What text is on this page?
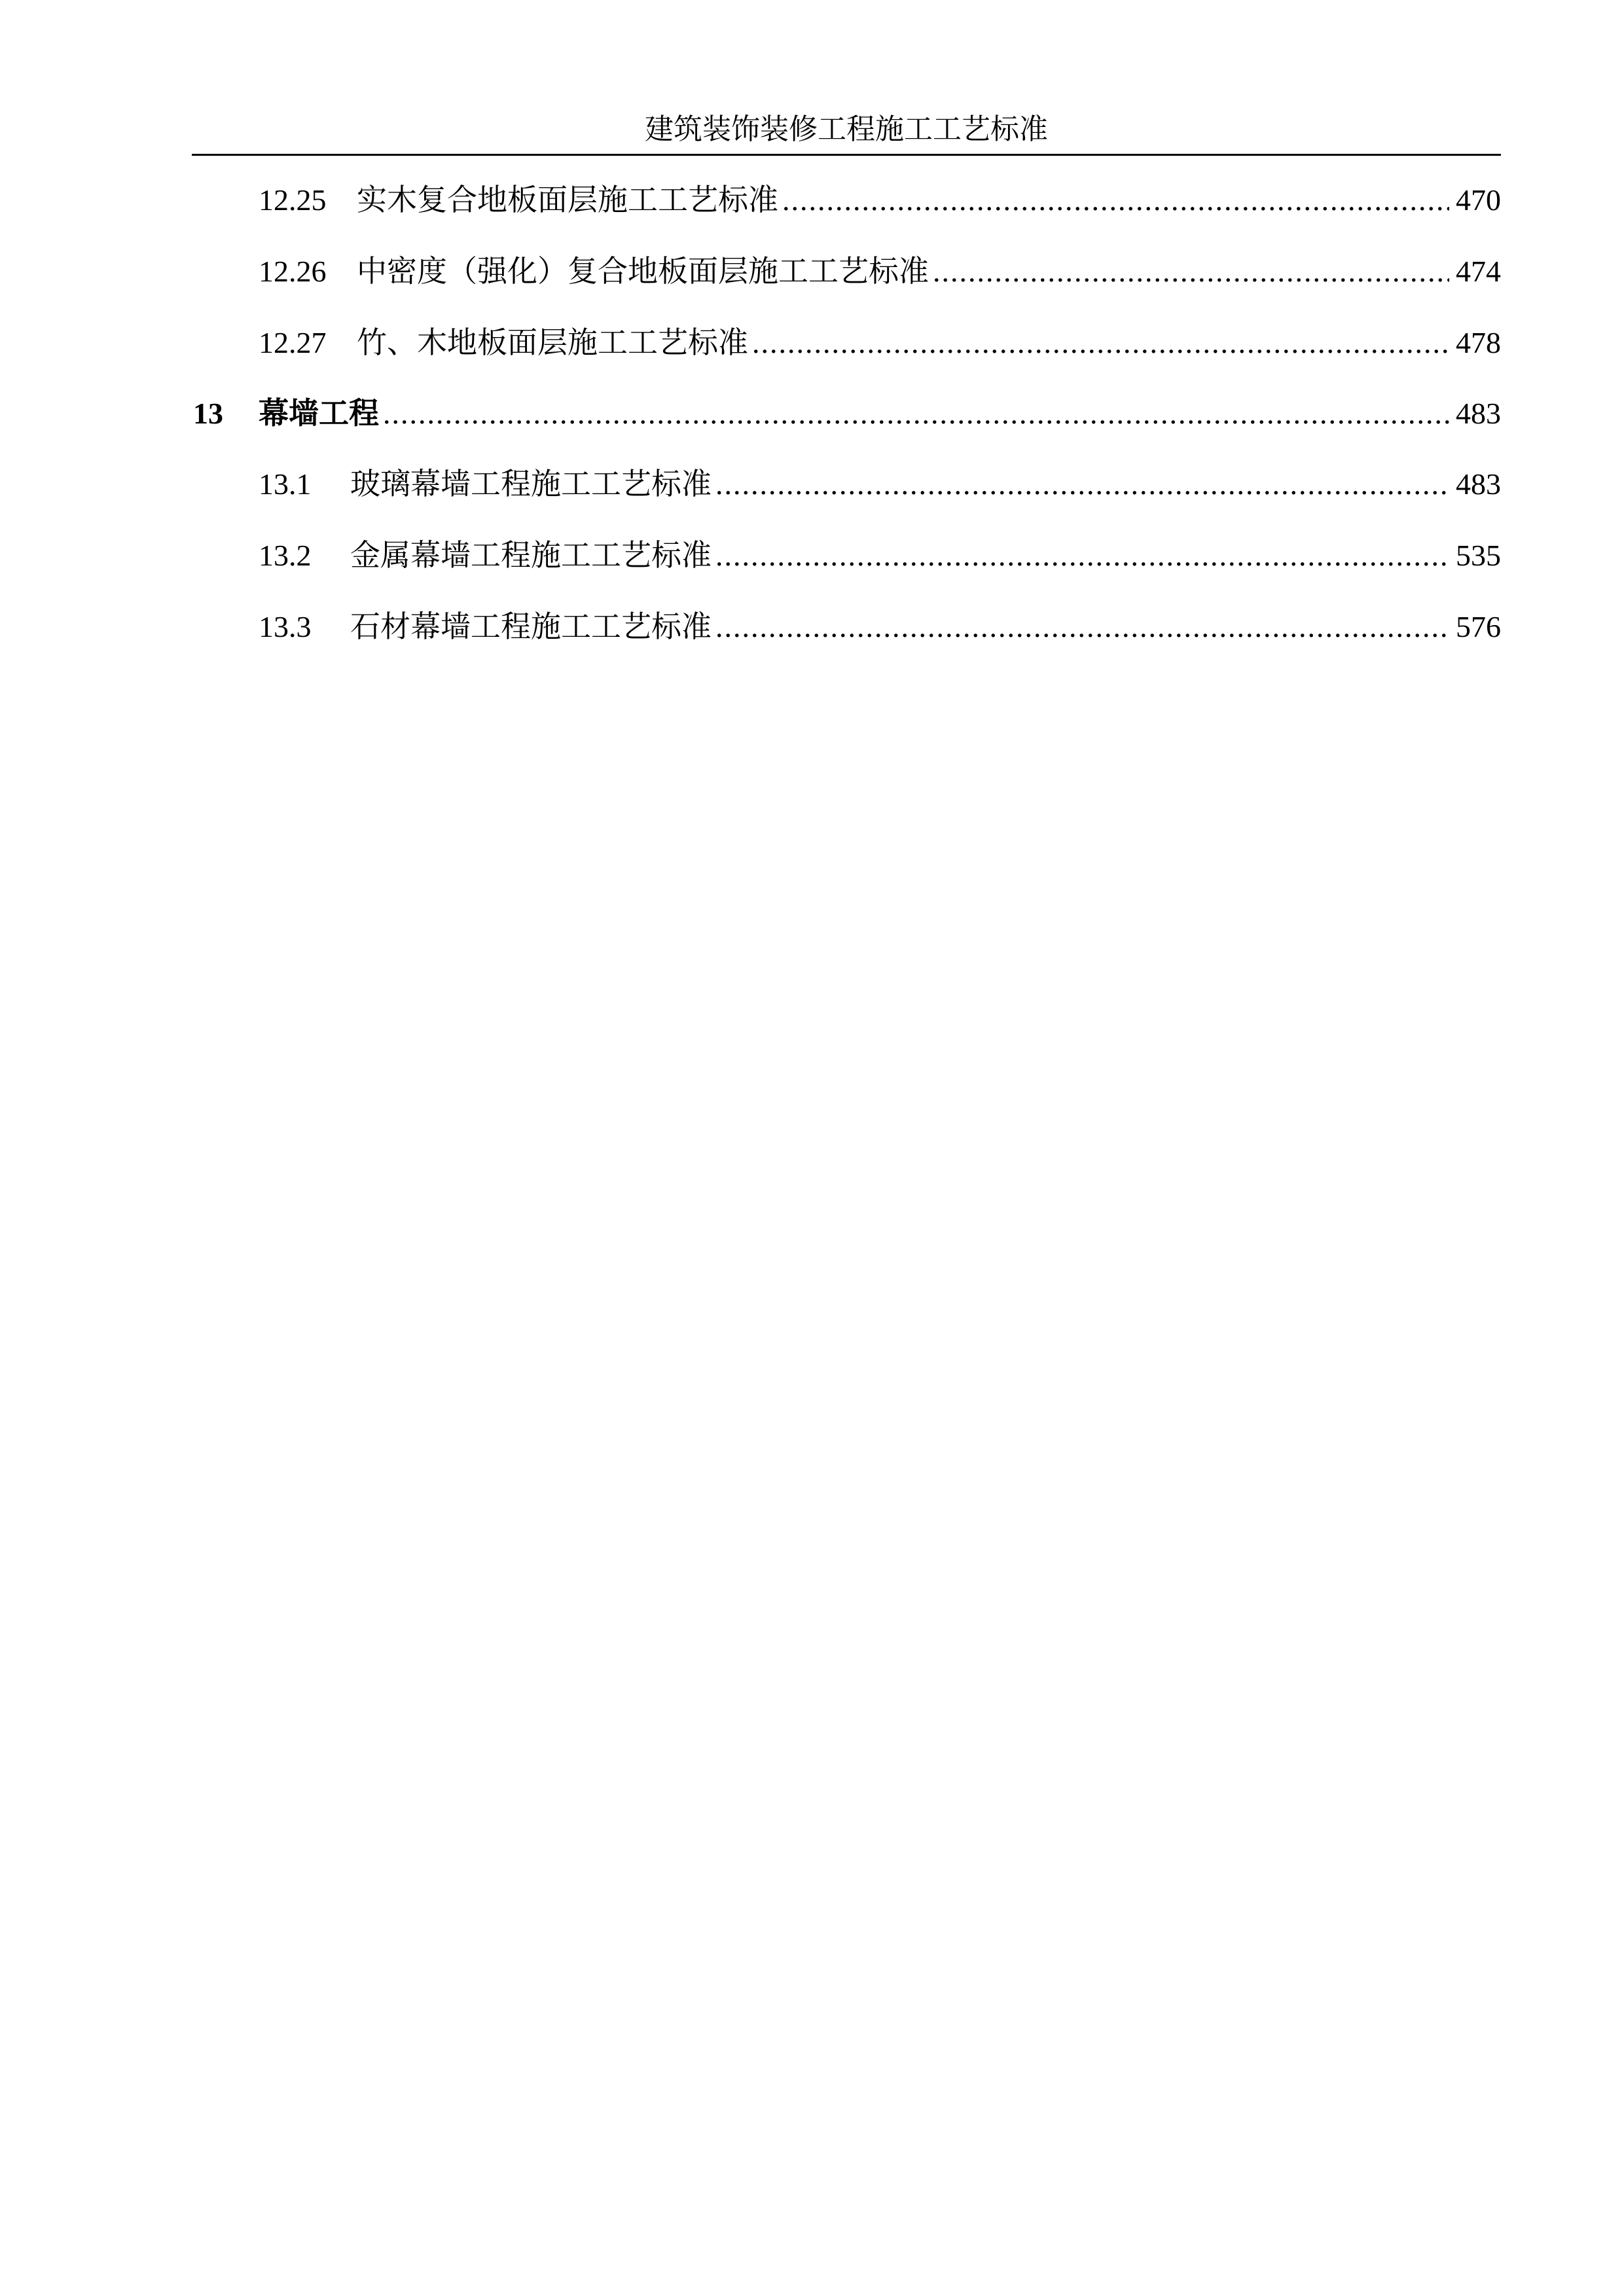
建筑装饰装修工程施工工艺标准
12.25	实木复合地板面层施工工艺标准 .....	470
12.26	中密度（强化）复合地板面层施工工艺标准 .....	474
12.27	竹、木地板面层施工工艺标准 .....	478
13	幕墙工程 .....	483
13.1	玻璃幕墙工程施工工艺标准 .....	483
13.2	金属幕墙工程施工工艺标准 .....	535
13.3	石材幕墙工程施工工艺标准 .....	576
